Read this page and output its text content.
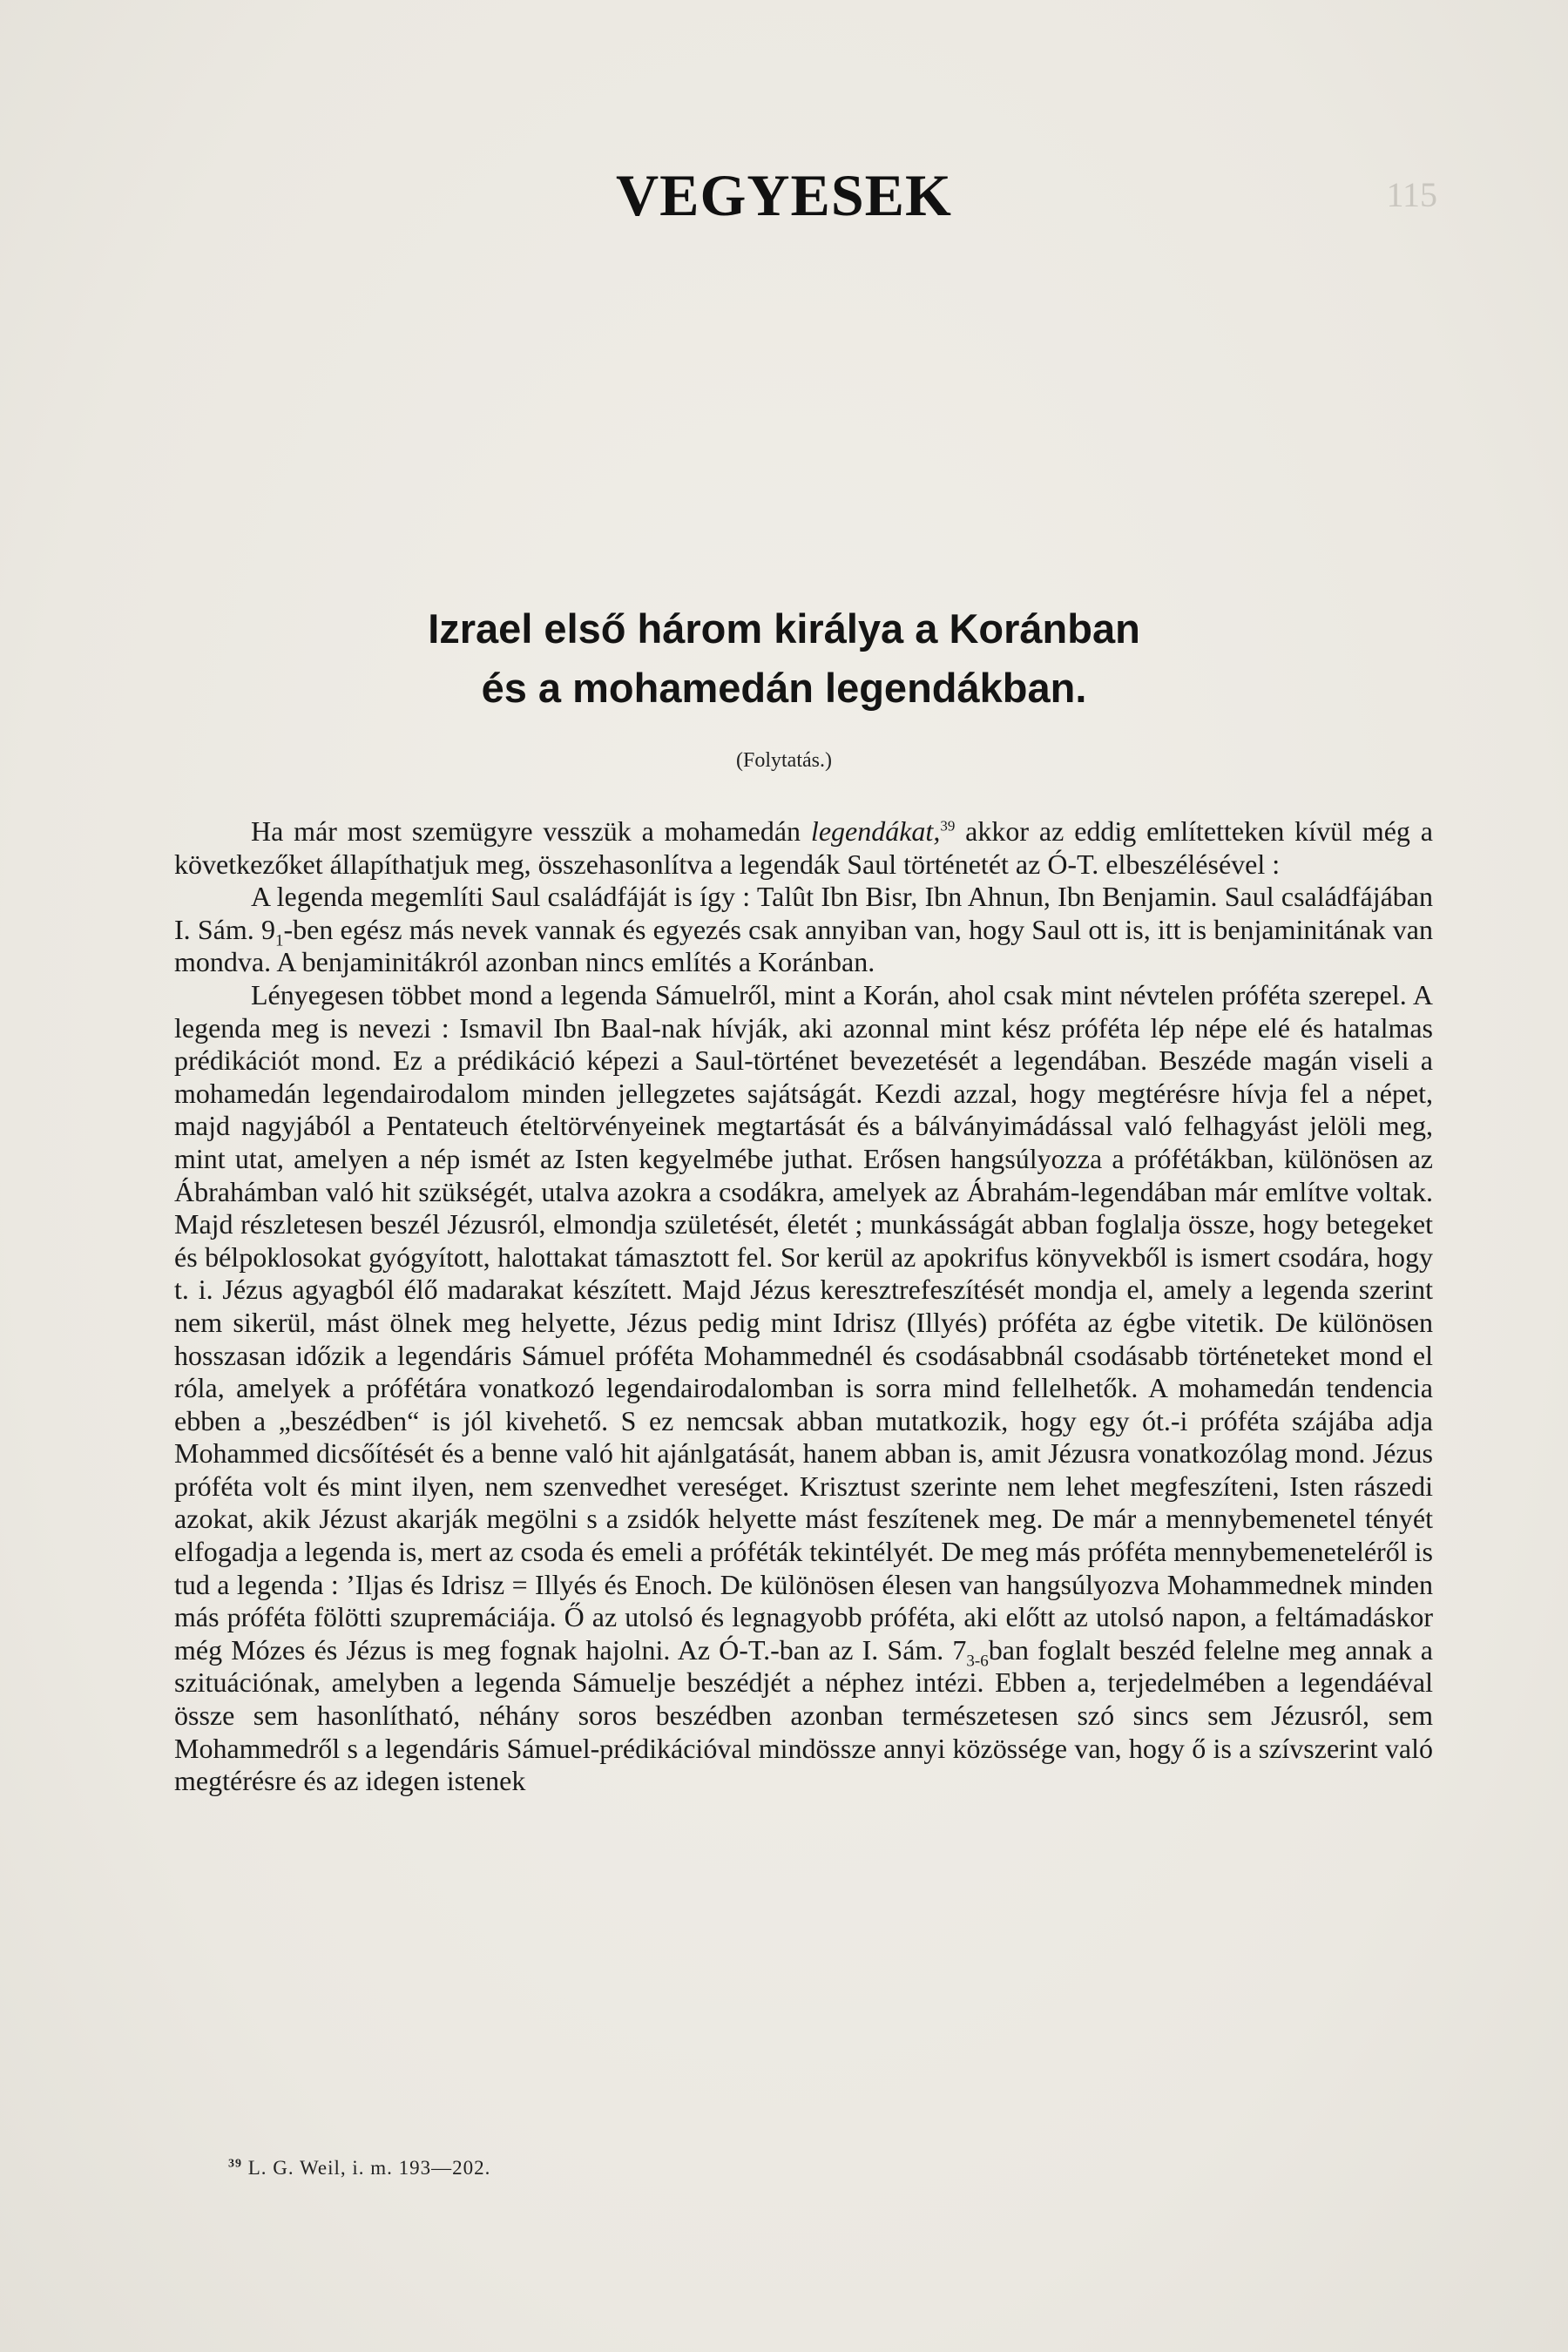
115
VEGYESEK
Izrael első három királya a Koránban
és a mohamedán legendákban.
(Folytatás.)

Ha már most szemügyre vesszük a mohamedán legendákat,$^{39}$ akkor az eddig említetteken kívül még a következőket állapíthatjuk meg, összehasonlítva a legendák Saul történetét az Ó-T. elbeszélésével :

A legenda megemlíti Saul családfáját is így : Talût Ibn Bisr, Ibn Ahnun, Ibn Benjamin. Saul családfájában I. Sám. $9_1$-ben egész más nevek vannak és egyezés csak annyiban van, hogy Saul ott is, itt is benjaminitának van mondva. A benjaminitákról azonban nincs említés a Koránban.

Lényegesen többet mond a legenda Sámuelről, mint a Korán, ahol csak mint névtelen próféta szerepel. A legenda meg is nevezi : Ismavil Ibn Baal-nak hívják, aki azonnal mint kész próféta lép népe elé és hatalmas prédikációt mond. Ez a prédikáció képezi a Saul-történet bevezetését a legendában. Beszéde magán viseli a mohamedán legendairodalom minden jellegzetes sajátságát. Kezdi azzal, hogy megtérésre hívja fel a népet, majd nagyjából a Pentateuch ételtörvényeinek megtartását és a bálványimádással való felhagyást jelöli meg, mint utat, amelyen a nép ismét az Isten kegyelmébe juthat. Erősen hangsúlyozza a prófétákban, különösen az Ábrahámban való hit szükségét, utalva azokra a csodákra, amelyek az Ábrahám-legendában már említve voltak. Majd részletesen beszél Jézusról, elmondja születését, életét ; munkásságát abban foglalja össze, hogy betegeket és bélpoklosokat gyógyított, halottakat támasztott fel. Sor kerül az apokrifus könyvekből is ismert csodára, hogy t. i. Jézus agyagból élő madarakat készített. Majd Jézus keresztrefeszítését mondja el, amely a legenda szerint nem sikerül, mást ölnek meg helyette, Jézus pedig mint Idrisz (Illyés) próféta az égbe vitetik. De különösen hosszasan időzik a legendáris Sámuel próféta Mohammednél és csodásabbnál csodásabb történeteket mond el róla, amelyek a prófétára vonatkozó legendairodalomban is sorra mind fellelhetők. A mohamedán tendencia ebben a „beszédben“ is jól kivehető. S ez nemcsak abban mutatkozik, hogy egy ót.-i próféta szájába adja Mohammed dicsőítését és a benne való hit ajánlgatását, hanem abban is, amit Jézusra vonatkozólag mond. Jézus próféta volt és mint ilyen, nem szenvedhet vereséget. Krisztust szerinte nem lehet megfeszíteni, Isten rászedi azokat, akik Jézust akarják megölni s a zsidók helyette mást feszítenek meg. De már a mennybemenetel tényét elfogadja a legenda is, mert az csoda és emeli a próféták tekintélyét. De meg más próféta mennybemeneteléről is tud a legenda : ’Iljas és Idrisz = Illyés és Enoch. De különösen élesen van hangsúlyozva Mohammednek minden más próféta fölötti szupremáciája. Ő az utolsó és legnagyobb próféta, aki előtt az utolsó napon, a feltámadáskor még Mózes és Jézus is meg fognak hajolni. Az Ó-T.-ban az I. Sám. $7_{3-6}ban$ foglalt beszéd felelne meg annak a szituációnak, amelyben a legenda Sámuelje beszédjét a néphez intézi. Ebben a, terjedelmében a legendáéval össze sem hasonlítható, néhány soros beszédben azonban természetesen szó sincs sem Jézusról, sem Mohammedről s a legendáris Sámuel-prédikációval mindössze annyi közössége van, hogy ő is a szívszerint való megtérésre és az idegen istenek

$^{39}$ L. G. Weil, i. m. 193—202.
